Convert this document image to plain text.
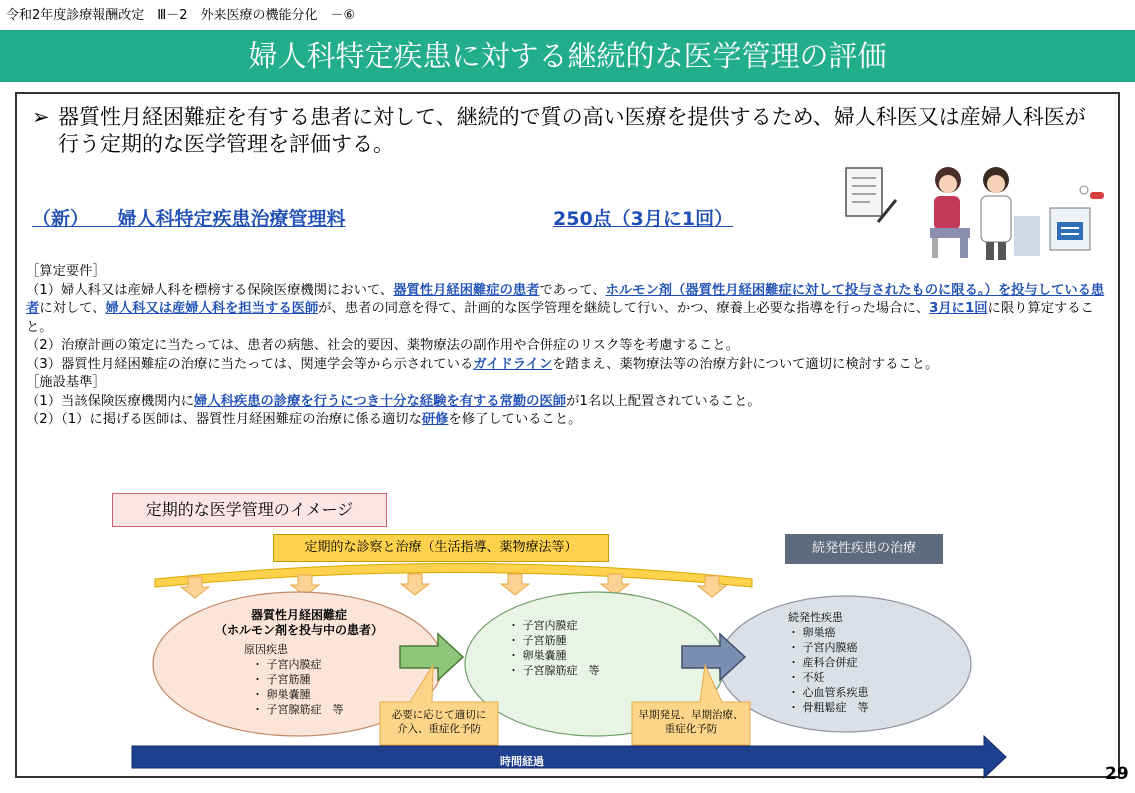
令和2年度診療報酬改定　Ⅲ－2　外来医療の機能分化　－⑥
婦人科特定疾患に対する継続的な医学管理の評価
➢ 器質性月経困難症を有する患者に対して、継続的で質の高い医療を提供するため、婦人科医又は産婦人科医が行う定期的な医学管理を評価する。
（新）　　婦人科特定疾患治療管理料	250点（3月に1回）
［算定要件］
（1）婦人科又は産婦人科を標榜する保険医療機関において、器質性月経困難症の患者であって、ホルモン剤（器質性月経困難症に対して投与されたものに限る。）を投与している患者に対して、婦人科又は産婦人科を担当する医師が、患者の同意を得て、計画的な医学管理を継続して行い、かつ、療養上必要な指導を行った場合に、3月に1回に限り算定すること。
（2）治療計画の策定に当たっては、患者の病態、社会的要因、薬物療法の副作用や合併症のリスク等を考慮すること。
（3）器質性月経困難症の治療に当たっては、関連学会等から示されているガイドラインを踏まえ、薬物療法等の治療方針について適切に検討すること。
［施設基準］
（1）当該保険医療機関内に婦人科疾患の診療を行うにつき十分な経験を有する常勤の医師が1名以上配置されていること。
（2）（1）に掲げる医師は、器質性月経困難症の治療に係る適切な研修を修了していること。
定期的な医学管理のイメージ
定期的な診察と治療（生活指導、薬物療法等）	続発性疾患の治療
器質性月経困難症
（ホルモン剤を投与中の患者）
原因疾患
・ 子宮内膜症
・ 子宮筋腫
・ 卵巣嚢腫
・ 子宮腺筋症　等
・ 子宮内膜症
・ 子宮筋腫
・ 卵巣嚢腫
・ 子宮腺筋症　等
続発性疾患
・ 卵巣癌
・ 子宮内膜癌
・ 産科合併症
・ 不妊
・ 心血管系疾患
・ 骨粗鬆症　等
必要に応じて適切に
介入、重症化予防
早期発見、早期治療、
重症化予防
時間経過
29
